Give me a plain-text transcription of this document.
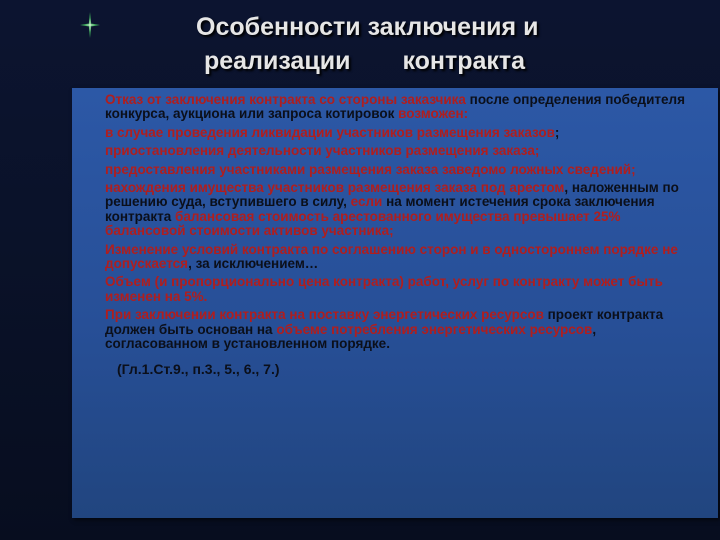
Особенности заключения и
реализации контракта

Отказ от заключения контракта со стороны заказчика после определения победителя конкурса, аукциона или запроса котировок возможен:

в случае проведения ликвидации участников размещения заказов;

приостановления деятельности участников размещения заказа;

предоставления участниками размещения заказа заведомо ложных сведений;

нахождения имущества участников размещения заказа под арестом, наложенным по решению суда, вступившего в силу, если на момент истечения срока заключения контракта балансовая стоимость арестованного имущества превышает 25% балансовой стоимости активов участника;

Изменение условий контракта по соглашению сторон и в одностороннем порядке не допускается, за исключением…

Объем (и пропорционально цена контракта) работ, услуг по контракту может быть изменен на 5%.

При заключении контракта на поставку энергетических ресурсов проект контракта должен быть основан на объеме потребления энергетических ресурсов, согласованном в установленном порядке.

(Гл.1.Ст.9., п.3., 5., 6., 7.)
